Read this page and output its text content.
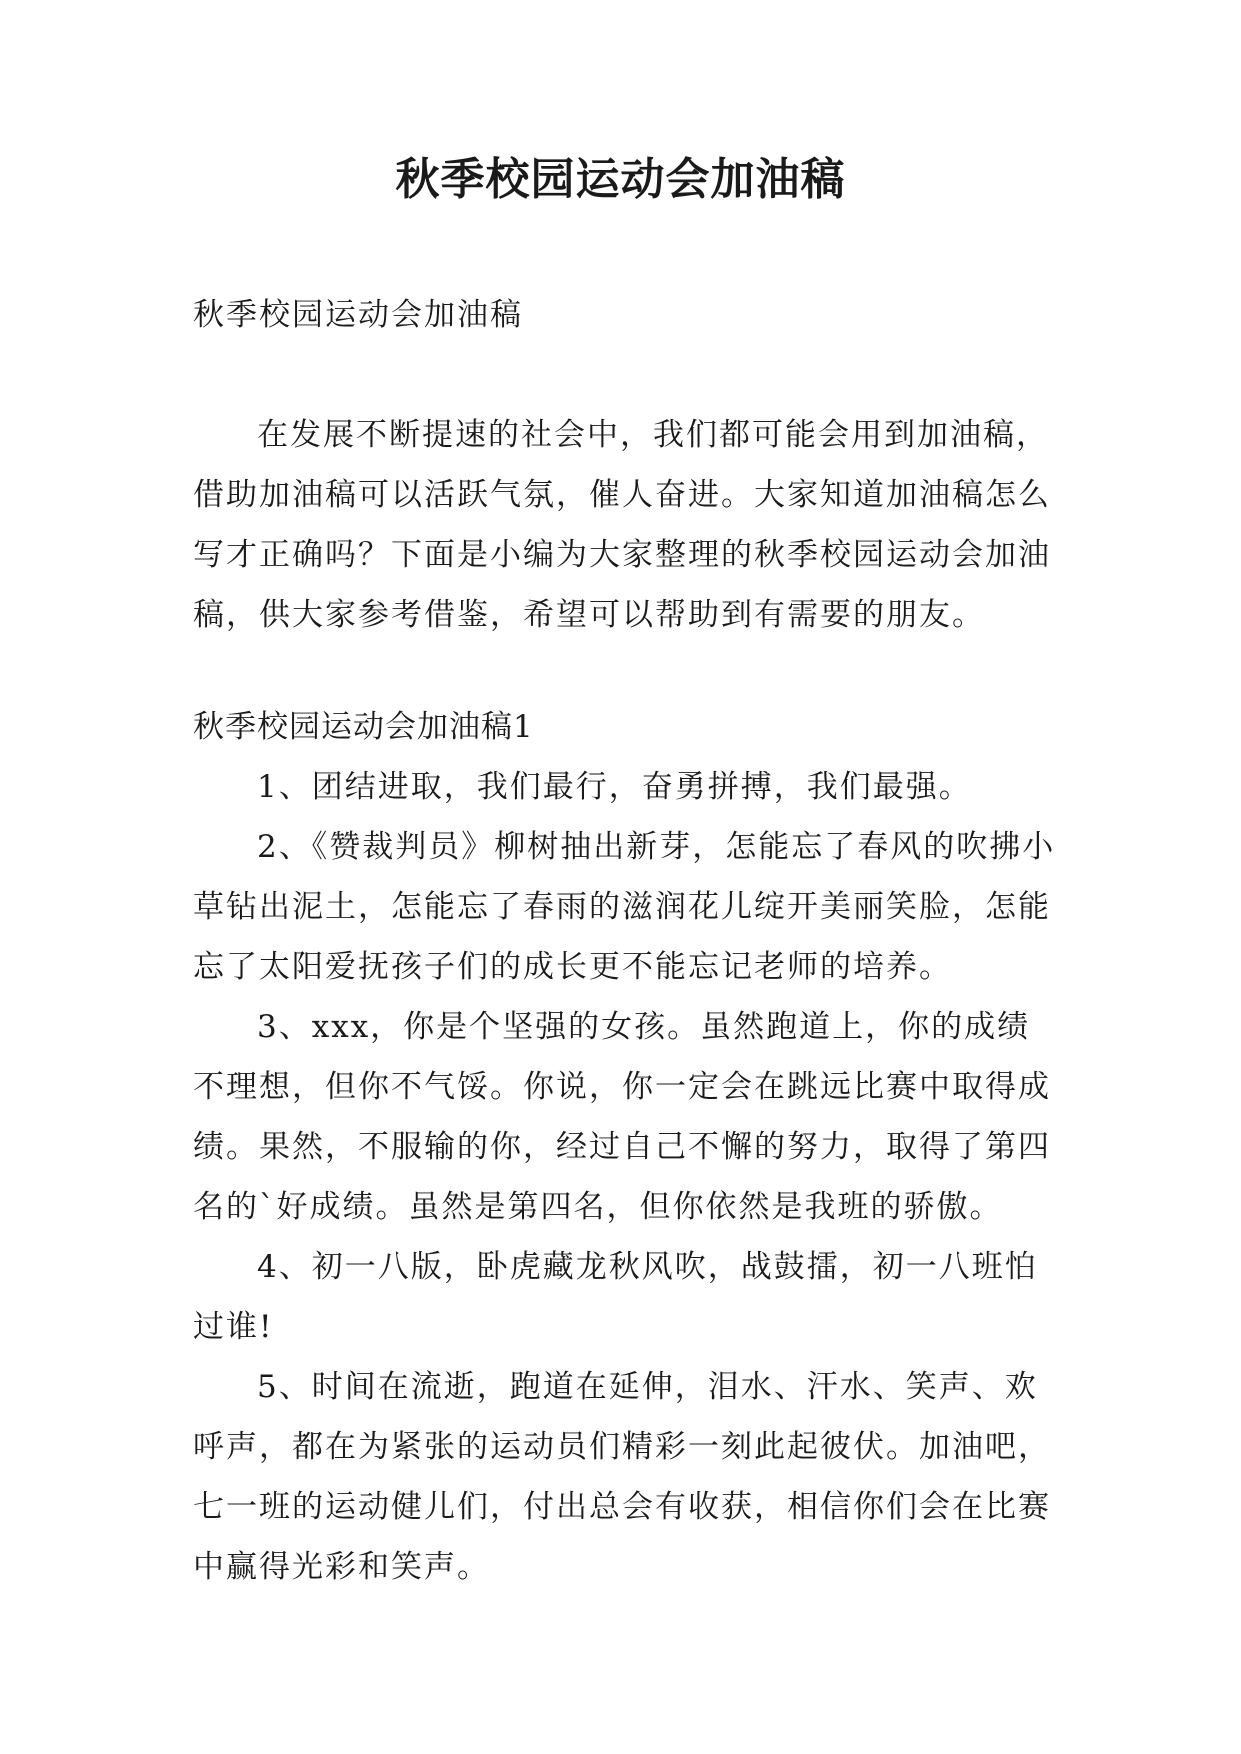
秋季校园运动会加油稿

秋季校园运动会加油稿

在发展不断提速的社会中，我们都可能会用到加油稿，借助加油稿可以活跃气氛，催人奋进。大家知道加油稿怎么写才正确吗？下面是小编为大家整理的秋季校园运动会加油稿，供大家参考借鉴，希望可以帮助到有需要的朋友。

秋季校园运动会加油稿1

1、团结进取，我们最行，奋勇拼搏，我们最强。

2、《赞裁判员》柳树抽出新芽，怎能忘了春风的吹拂小草钻出泥土，怎能忘了春雨的滋润花儿绽开美丽笑脸，怎能忘了太阳爱抚孩子们的成长更不能忘记老师的培养。

3、xxx，你是个坚强的女孩。虽然跑道上，你的成绩不理想，但你不气馁。你说，你一定会在跳远比赛中取得成绩。果然，不服输的你，经过自己不懈的努力，取得了第四名的`好成绩。虽然是第四名，但你依然是我班的骄傲。

4、初一八版，卧虎藏龙秋风吹，战鼓擂，初一八班怕过谁!

5、时间在流逝，跑道在延伸，泪水、汗水、笑声、欢呼声，都在为紧张的运动员们精彩一刻此起彼伏。加油吧，七一班的运动健儿们，付出总会有收获，相信你们会在比赛中赢得光彩和笑声。
